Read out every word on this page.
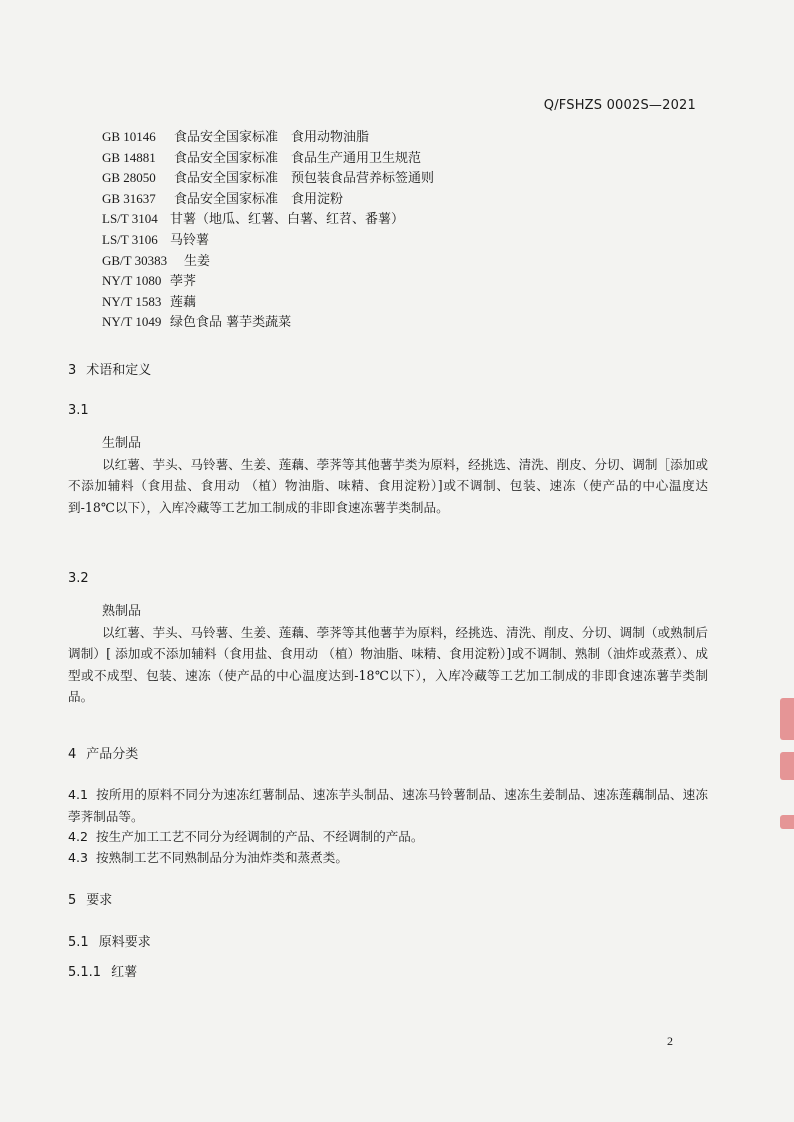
Q/FSHZS 0002S—2021
GB 10146 食品安全国家标准　食用动物油脂
GB 14881 食品安全国家标准　食品生产通用卫生规范
GB 28050 食品安全国家标准　预包装食品营养标签通则
GB 31637 食品安全国家标准　食用淀粉
LS/T 3104 甘薯（地瓜、红薯、白薯、红苕、番薯）
LS/T 3106 马铃薯
GB/T 30383 生姜
NY/T 1080 荸荠
NY/T 1583 莲藕
NY/T 1049 绿色食品 薯芋类蔬菜
3 术语和定义
3.1
生制品

以红薯、芋头、马铃薯、生姜、莲藕、荸荠等其他薯芋类为原料，经挑选、清洗、削皮、分切、调制［添加或不添加辅料（食用盐、食用动 （植）物油脂、味精、食用淀粉）]或不调制、包装、速冻（使产品的中心温度达到-18℃以下），入库冷藏等工艺加工制成的非即食速冻薯芋类制品。

3.2
熟制品

以红薯、芋头、马铃薯、生姜、莲藕、荸荠等其他薯芋为原料，经挑选、清洗、削皮、分切、调制（或熟制后调制）[ 添加或不添加辅料（食用盐、食用动 （植）物油脂、味精、食用淀粉）]或不调制、熟制（油炸或蒸煮）、成型或不成型、包装、速冻（使产品的中心温度达到-18℃以下），入库冷藏等工艺加工制成的非即食速冻薯芋类制品。

4 产品分类
4.1 按所用的原料不同分为速冻红薯制品、速冻芋头制品、速冻马铃薯制品、速冻生姜制品、速冻莲藕制品、速冻荸荠制品等。
4.2 按生产加工工艺不同分为经调制的产品、不经调制的产品。
4.3 按熟制工艺不同熟制品分为油炸类和蒸煮类。
5 要求
5.1 原料要求
5.1.1 红薯
2
